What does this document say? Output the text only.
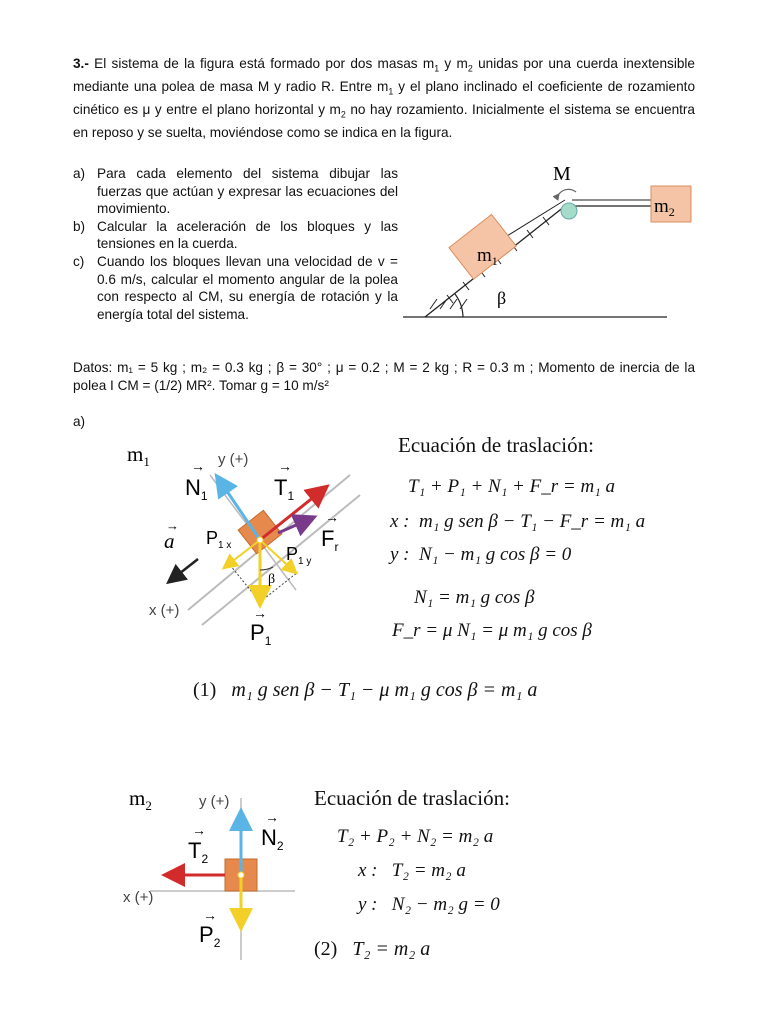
3.- El sistema de la figura está formado por dos masas $m_1$ y $m_2$ unidas por una cuerda inextensible mediante una polea de masa M y radio R. Entre $m_1$ y el plano inclinado el coeficiente de rozamiento cinético es μ y entre el plano horizontal y $m_2$ no hay rozamiento. Inicialmente el sistema se encuentra en reposo y se suelta, moviéndose como se indica en la figura.
a) Para cada elemento del sistema dibujar las fuerzas que actúan y expresar las ecuaciones del movimiento.
b) Calcular la aceleración de los bloques y las tensiones en la cuerda.
c) Cuando los bloques llevan una velocidad de v = 0.6 m/s, calcular el momento angular de la polea con respecto al CM, su energía de rotación y la energía total del sistema.
β
M
$m_1$
$m_2$
Datos: m₁ = 5 kg ; m₂ = 0.3 kg ; β = 30° ; μ = 0.2 ; M = 2 kg ; R = 0.3 m ; Momento de inercia de la polea I CM = (1/2) MR². Tomar g = 10 m/s²
a)
$m_1$
β
y (+)
x (+)
$N_1$
→
$T_1$
→
$F_r$
→
a
→
$P_{1 x}$	$P_{1 y}$
$P_1$
→
Ecuación de traslación:
T₁ + P₁ + N₁ + F_r = m₁ a
x : m₁ g sen β − T₁ − F_r = m₁ a
y : N₁ − m₁ g cos β = 0
N₁ = m₁ g cos β
F_r = μ N₁ = μ m₁ g cos β
(1) m₁ g sen β − T₁ − μ m₁ g cos β = m₁ a
$m_2$	y (+)
x (+)
$N_2$
→
$T_2$
→
$P_2$
→
Ecuación de traslación:
T₂ + P₂ + N₂ = m₂ a
x : T₂ = m₂ a
y : N₂ − m₂ g = 0
(2) T₂ = m₂ a
